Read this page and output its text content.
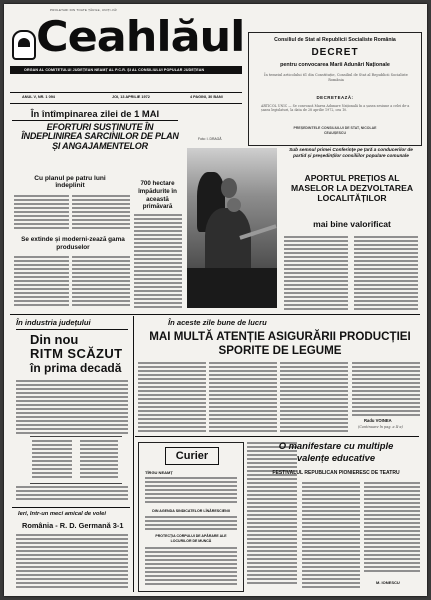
PROLETARI DIN TOATE ȚĂRILE, UNIȚI-VĂ!
Ceahlăul
ORGAN AL COMITETULUI JUDEȚEAN NEAMȚ AL P.C.R. ȘI AL CONSILIULUI POPULAR JUDEȚEAN
ANUL V, NR. 1 094	JOI, 13 APRILIE 1972	4 PAGINI, 30 BANI
Consiliul de Stat al Republicii Socialiste România
DECRET
pentru convocarea Marii Adunări Naționale
În temeiul articolului 61 din Constituție, Consiliul de Stat al Republicii Socialiste România
DECRETEAZĂ:
ARTICOL UNIC — Se convoacă Marea Adunare Națională în a șasea sesiune a celei de-a șasea legislaturi, la data de 28 aprilie 1972, ora 10.
PREȘEDINTELE CONSILIULUI DE STAT, NICOLAE CEAUȘESCU
În întîmpinarea zilei de 1 MAI
EFORTURI SUSȚINUTE ÎN ÎNDEPLINIREA SARCINILOR DE PLAN ȘI ANGAJAMENTELOR
Cu planul pe patru luni îndeplinit	700 hectare împădurite în această primăvară
Se extinde și moderni-zează gama produselor
Foto: I. DRAGĂ
Sub semnul primei Conferințe pe țară a conducerilor de partid și președinților consiliilor populare comunale
APORTUL PREȚIOS AL MASELOR LA DEZVOLTAREA LOCALITĂȚILOR
mai bine valorificat
În industria județului
Din nou
RITM SCĂZUT
în prima decadă
Ieri, într-un meci amical de volei
România - R. D. Germană 3-1
În aceste zile bune de lucru
MAI MULTĂ ATENȚIE ASIGURĂRII PRODUCȚIEI SPORITE DE LEGUME
Radu VOINEA
(Continuare în pag. a II-a)
Curier
TÎRGU NEAMȚ
DIN AGENDA SINDICATELOR LÎNĂRESCIENII
PROTECȚIA CORPULUI DE APĂRARE ALE LOCURILOR DE MUNCĂ
O manifestare cu multiple
valențe educative
FESTIVALUL REPUBLICAN PIONIERESC DE TEATRU
M. IONESCU
